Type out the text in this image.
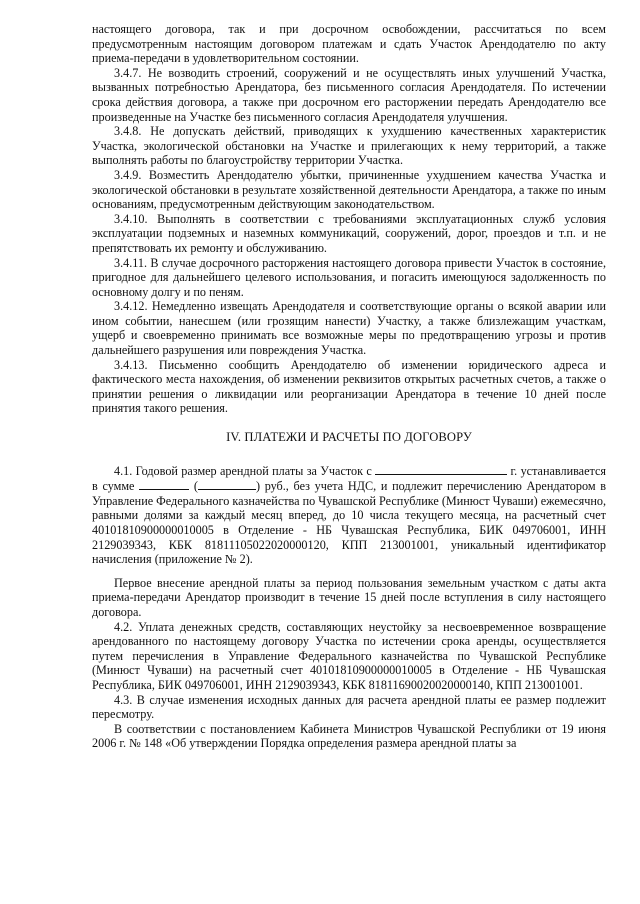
настоящего договора, так и при досрочном освобождении, рассчитаться по всем предусмотренным настоящим договором платежам и сдать Участок Арендодателю по акту приема-передачи в удовлетворительном состоянии.

3.4.7. Не возводить строений, сооружений и не осуществлять иных улучшений Участка, вызванных потребностью Арендатора, без письменного согласия Арендодателя. По истечении срока действия договора, а также при досрочном его расторжении передать Арендодателю все произведенные на Участке без письменного согласия Арендодателя улучшения.

3.4.8. Не допускать действий, приводящих к ухудшению качественных характеристик Участка, экологической обстановки на Участке и прилегающих к нему территорий, а также выполнять работы по благоустройству территории Участка.

3.4.9. Возместить Арендодателю убытки, причиненные ухудшением качества Участка и экологической обстановки в результате хозяйственной деятельности Арендатора, а также по иным основаниям, предусмотренным действующим законодательством.

3.4.10. Выполнять в соответствии с требованиями эксплуатационных служб условия эксплуатации подземных и наземных коммуникаций, сооружений, дорог, проездов и т.п. и не препятствовать их ремонту и обслуживанию.

3.4.11. В случае досрочного расторжения настоящего договора привести Участок в состояние, пригодное для дальнейшего целевого использования, и погасить имеющуюся задолженность по основному долгу и по пеням.

3.4.12. Немедленно извещать Арендодателя и соответствующие органы о всякой аварии или ином событии, нанесшем (или грозящим нанести) Участку, а также близлежащим участкам, ущерб и своевременно принимать все возможные меры по предотвращению угрозы и против дальнейшего разрушения или повреждения Участка.

3.4.13. Письменно сообщить Арендодателю об изменении юридического адреса и фактического места нахождения, об изменении реквизитов открытых расчетных счетов, а также о принятии решения о ликвидации или реорганизации Арендатора в течение 10 дней после принятия такого решения.

IV. ПЛАТЕЖИ И РАСЧЕТЫ ПО ДОГОВОРУ

4.1. Годовой размер арендной платы за Участок с	г. устанавливается в сумме	(	) руб., без учета НДС, и подлежит перечислению Арендатором в Управление Федерального казначейства по Чувашской Республике (Минюст Чуваши) ежемесячно, равными долями за каждый месяц вперед, до 10 числа текущего месяца, на расчетный счет 40101810900000010005 в Отделение - НБ Чувашская Республика, БИК 049706001, ИНН 2129039343, КБК 81811105022020000120, КПП 213001001, уникальный идентификатор начисления (приложение № 2).

Первое внесение арендной платы за период пользования земельным участком с даты акта приема-передачи Арендатор производит в течение 15 дней после вступления в силу настоящего договора.

4.2. Уплата денежных средств, составляющих неустойку за несвоевременное возвращение арендованного по настоящему договору Участка по истечении срока аренды, осуществляется путем перечисления в Управление Федерального казначейства по Чувашской Республике (Минюст Чуваши) на расчетный счет 40101810900000010005 в Отделение - НБ Чувашская Республика, БИК 049706001, ИНН 2129039343, КБК 81811690020020000140, КПП 213001001.

4.3. В случае изменения исходных данных для расчета арендной платы ее размер подлежит пересмотру.

В соответствии с постановлением Кабинета Министров Чувашской Республики от 19 июня 2006 г. № 148 «Об утверждении Порядка определения размера арендной платы за
